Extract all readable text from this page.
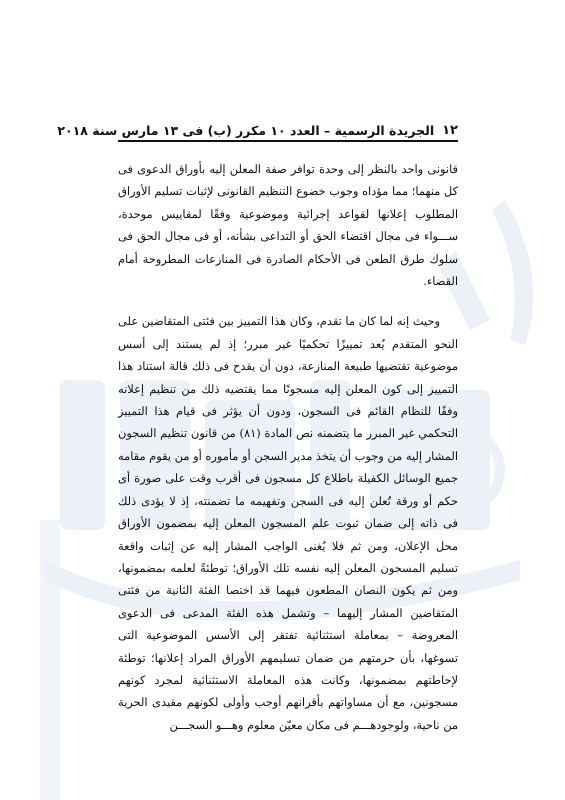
١٢
الجريدة الرسمية – العدد ١٠ مكرر (ب) فى ١٣ مارس سنة ٢٠١٨

قانونى واحد بالنظر إلى وحدة توافر صفة المعلن إليه بأوراق الدعوى فى كل منهما؛ مما مؤداه وجوب خضوع التنظيم القانونى لإثبات تسليم الأوراق المطلوب إعلانها لقواعد إجرائية وموضوعية وفقًا لمقاييس موحدة، ســـواء فى مجال اقتضاء الحق أو التداعى بشأنه، أو فى مجال الحق فى سلوك طرق الطعن فى الأحكام الصادرة فى المنازعات المطروحة أمام القضاء.

وحيث إنه لما كان ما تقدم، وكان هذا التمييز بين فئتى المتقاضين على النحو المتقدم يُعد تمييزًا تحكميًا غير مبرر؛ إذ لم يستند إلى أسس موضوعية تقتضيها طبيعة المنازعة، دون أن يقدح فى ذلك قالة استناد هذا التمييز إلى كون المعلن إليه مسجونًا مما يقتضيه ذلك من تنظيم إعلانه وفقًا للنظام القائم فى السجون، ودون أن يؤثر فى قيام هذا التمييز التحكمي غير المبرر ما يتضمنه نص المادة (٨١) من قانون تنظيم السجون المشار إليه من وجوب أن يتخذ مدير السجن أو مأموره أو من يقوم مقامه جميع الوسائل الكفيلة باطلاع كل مسجون فى أقرب وقت على صورة أى حكم أو ورقة تُعلن إليه فى السجن وتفهيمه ما تضمنته، إذ لا يؤدى ذلك فى ذاته إلى ضمان ثبوت علم المسجون المعلن إليه بمضمون الأوراق محل الإعلان، ومن ثم فلا يُغنى الواجب المشار إليه عن إثبات واقعة تسليم المسجون المعلن إليه نفسه تلك الأوراق؛ توطئةً لعلمه بمضمونها، ومن ثم يكون النصان المطعون فيهما قد اختصا الفئة الثانية من فئتى المتقاضين المشار إليهما – وتشمل هذه الفئة المدعى فى الدعوى المعروضة – بمعاملة استثنائية تفتقر إلى الأسس الموضوعية التى تسوغها، بأن حرمتهم من ضمان تسليمهم الأوراق المراد إعلانها؛ توطئة لإحاطتهم بمضمونها، وكانت هذه المعاملة الاستثنائية لمجرد كونهم مسجونين، مع أن مساواتهم بأقرانهم أوجب وأولى لكونهم مقيدى الحرية من ناحية، ولوجودهـــم فى مكان معيّن معلوم وهـــو السجـــن
